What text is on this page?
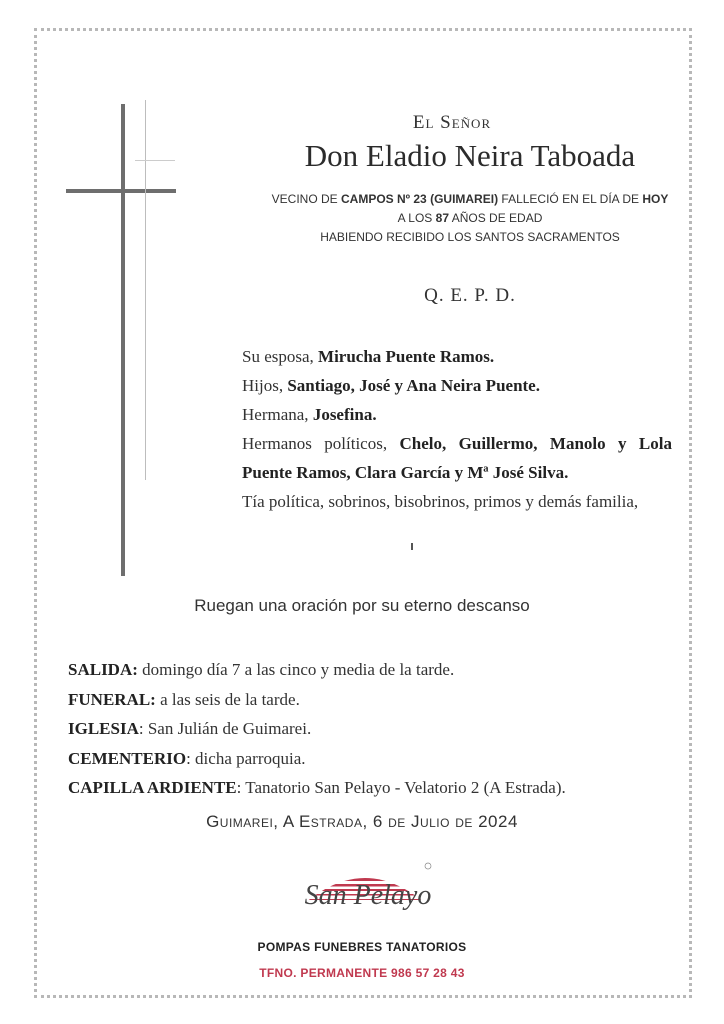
El Señor
Don Eladio Neira Taboada
VECINO DE CAMPOS Nº 23 (GUIMAREI) FALLECIÓ EN EL DÍA DE HOY
A LOS 87 AÑOS DE EDAD
HABIENDO RECIBIDO LOS SANTOS SACRAMENTOS
Q. E. P. D.

Su esposa, Mirucha Puente Ramos.

Hijos, Santiago, José y Ana Neira Puente.

Hermana, Josefina.

Hermanos políticos, Chelo, Guillermo, Manolo y Lola Puente Ramos, Clara García y Mª José Silva.

Tía política, sobrinos, bisobrinos, primos y demás familia,

Ruegan una oración por su eterno descanso
SALIDA: domingo día 7 a las cinco y media de la tarde.
FUNERAL: a las seis de la tarde.
IGLESIA: San Julián de Guimarei.
CEMENTERIO: dicha parroquia.
CAPILLA ARDIENTE: Tanatorio San Pelayo - Velatorio 2 (A Estrada).
Guimarei, A Estrada, 6 de Julio de 2024
San Pelayo
POMPAS FUNEBRES TANATORIOS
TFNO. PERMANENTE 986 57 28 43
